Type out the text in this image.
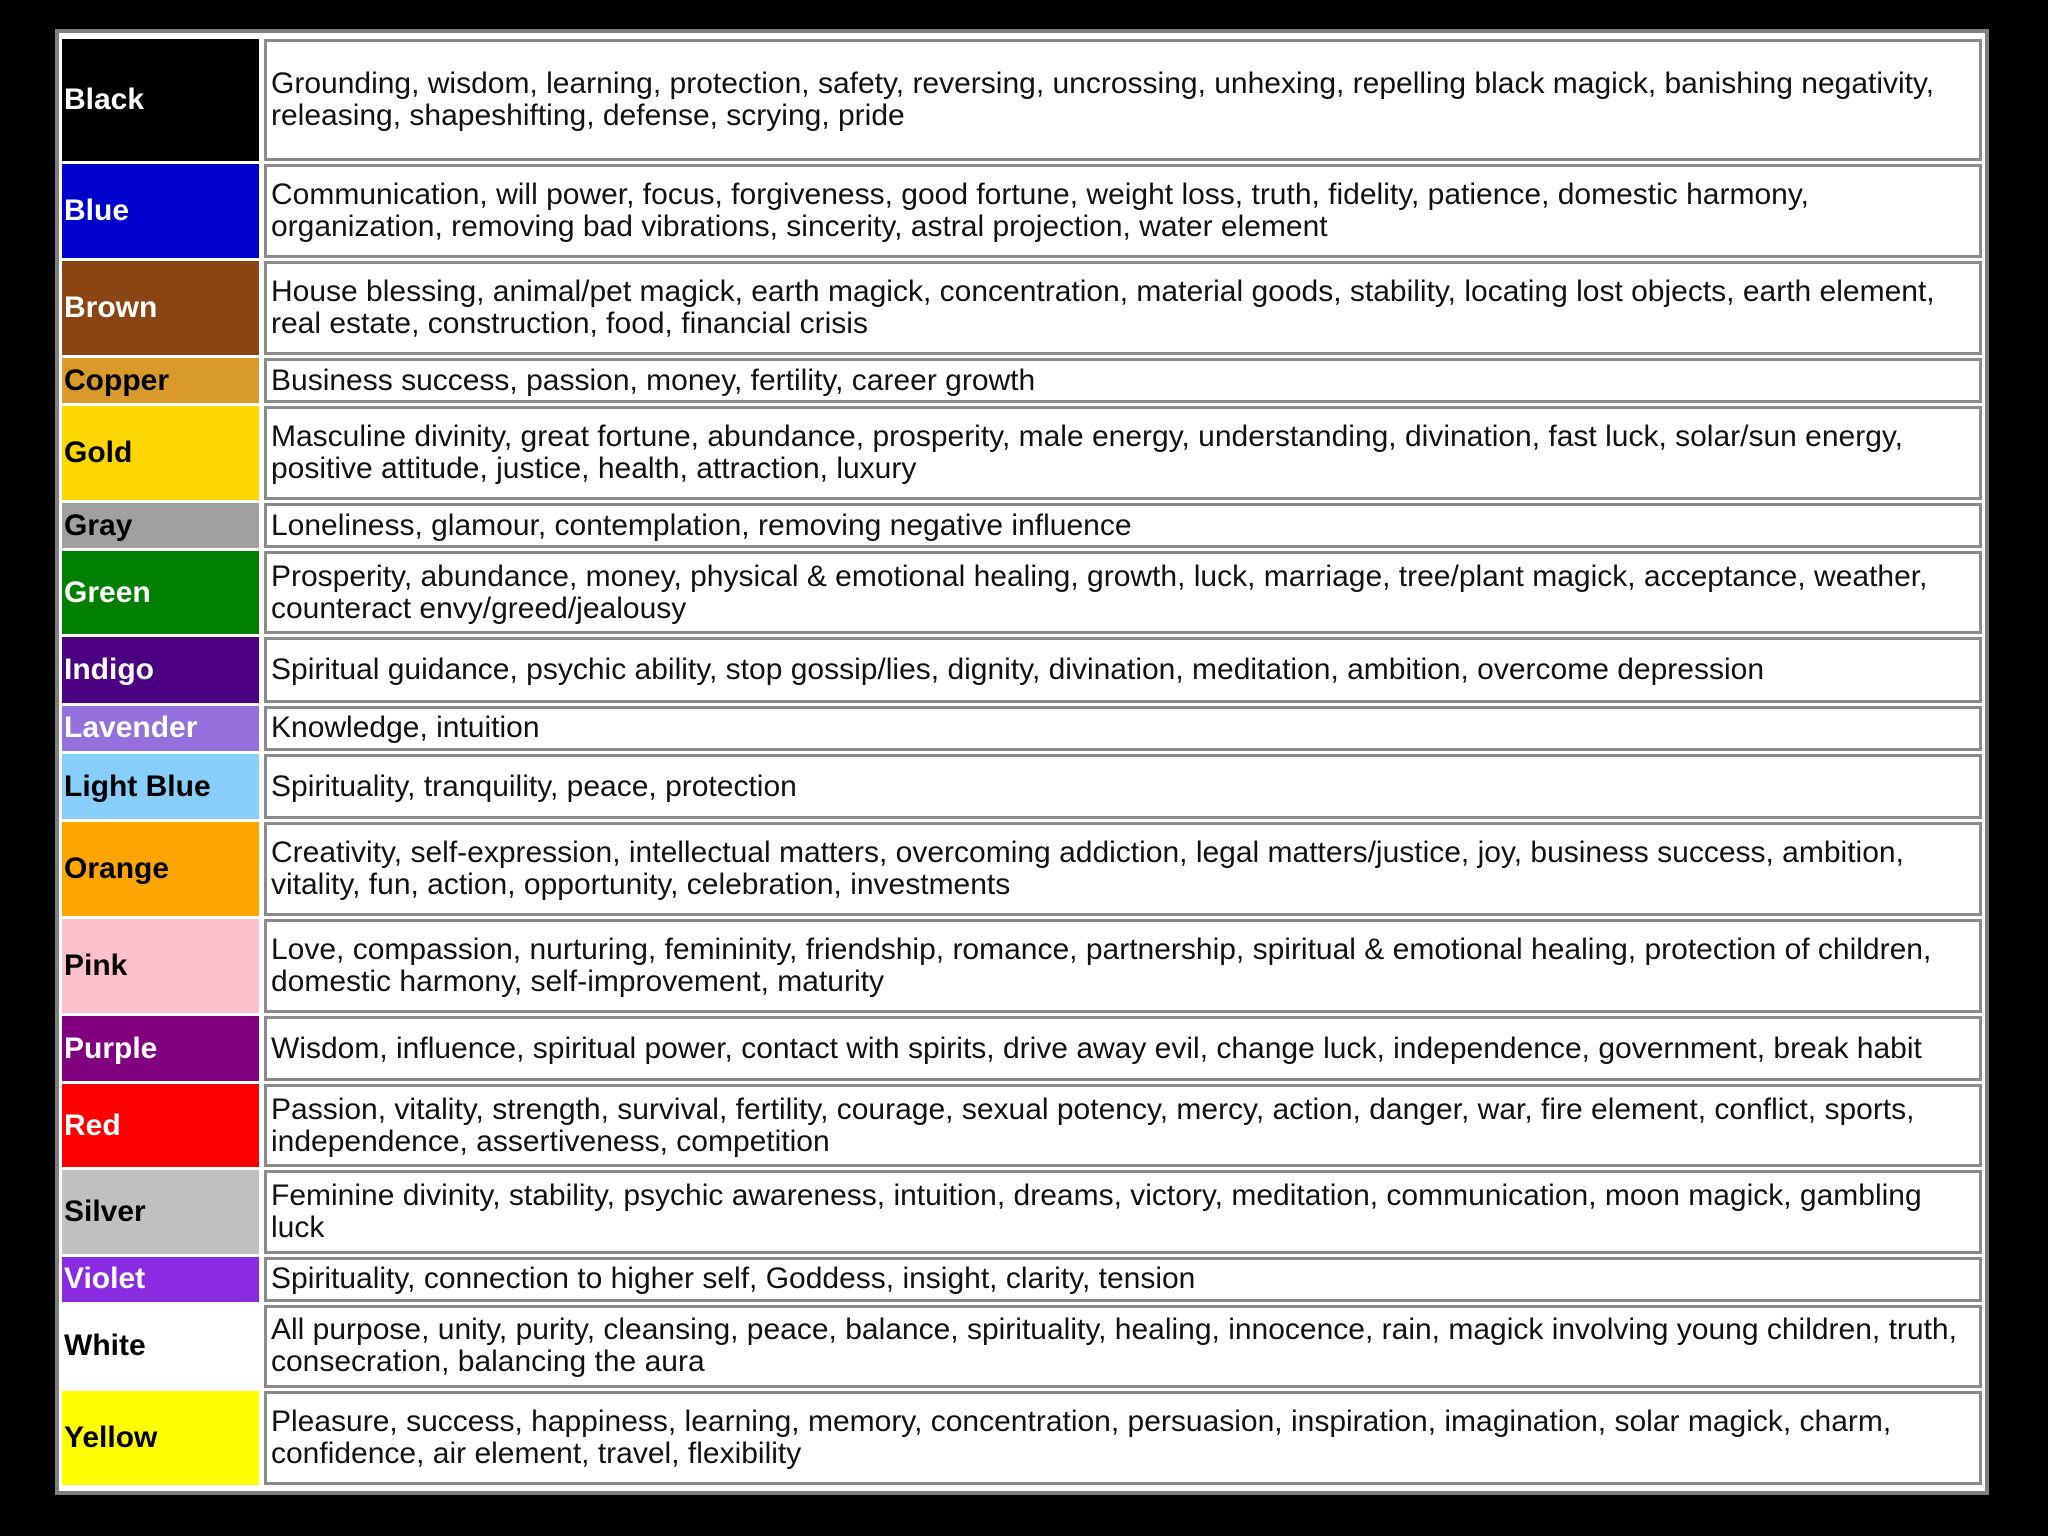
Black		Grounding, wisdom, learning, protection, safety, reversing, uncrossing, unhexing, repelling black magick, banishing negativity, releasing, shapeshifting, defense, scrying, pride
Blue		Communication, will power, focus, forgiveness, good fortune, weight loss, truth, fidelity, patience, domestic harmony, organization, removing bad vibrations, sincerity, astral projection, water element
Brown		House blessing, animal/pet magick, earth magick, concentration, material goods, stability, locating lost objects, earth element, real estate, construction, food, financial crisis
Copper		Business success, passion, money, fertility, career growth
Gold		Masculine divinity, great fortune, abundance, prosperity, male energy, understanding, divination, fast luck, solar/sun energy, positive attitude, justice, health, attraction, luxury
Gray		Loneliness, glamour, contemplation, removing negative influence
Green		Prosperity, abundance, money, physical & emotional healing, growth, luck, marriage, tree/plant magick, acceptance, weather, counteract envy/greed/jealousy
Indigo		Spiritual guidance, psychic ability, stop gossip/lies, dignity, divination, meditation, ambition, overcome depression
Lavender		Knowledge, intuition
Light Blue		Spirituality, tranquility, peace, protection
Orange		Creativity, self-expression, intellectual matters, overcoming addiction, legal matters/justice, joy, business success, ambition, vitality, fun, action, opportunity, celebration, investments
Pink		Love, compassion, nurturing, femininity, friendship, romance, partnership, spiritual & emotional healing, protection of children, domestic harmony, self-improvement, maturity
Purple		Wisdom, influence, spiritual power, contact with spirits, drive away evil, change luck, independence, government, break habit
Red		Passion, vitality, strength, survival, fertility, courage, sexual potency, mercy, action, danger, war, fire element, conflict, sports, independence, assertiveness, competition
Silver		Feminine divinity, stability, psychic awareness, intuition, dreams, victory, meditation, communication, moon magick, gambling luck
Violet		Spirituality, connection to higher self, Goddess, insight, clarity, tension
White		All purpose, unity, purity, cleansing, peace, balance, spirituality, healing, innocence, rain, magick involving young children, truth, consecration, balancing the aura
Yellow		Pleasure, success, happiness, learning, memory, concentration, persuasion, inspiration, imagination, solar magick, charm, confidence, air element, travel, flexibility
